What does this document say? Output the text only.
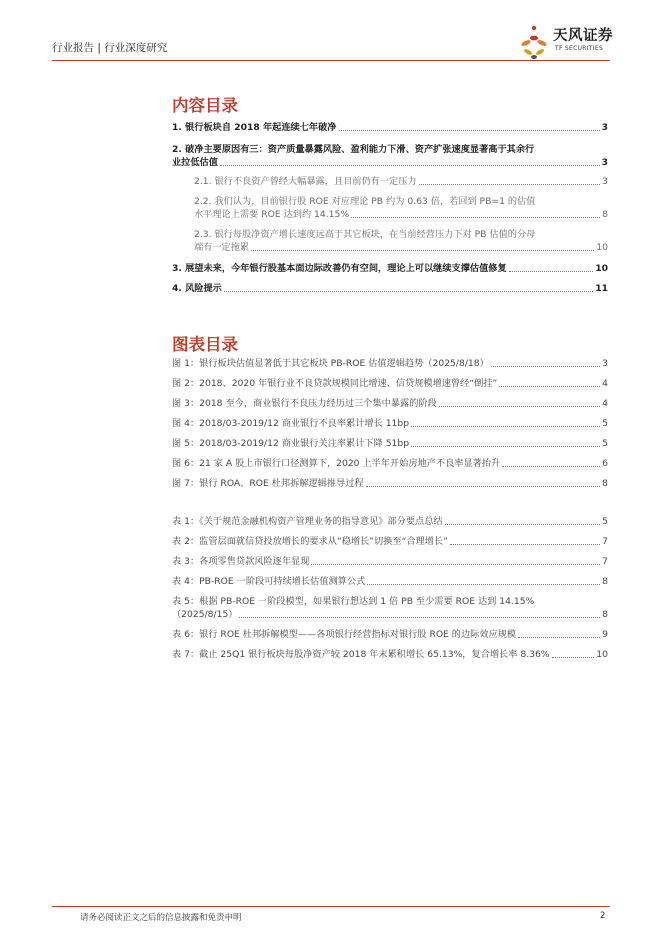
行业报告 | 行业深度研究
天风证券
TF SECURITIES
内容目录
1. 银行板块自 2018 年起连续七年破净	3
2. 破净主要原因有三：资产质量暴露风险、盈利能力下滑、资产扩张速度显著高于其余行
业拉低估值	3
2.1. 银行不良资产曾经大幅暴露，且目前仍有一定压力	3
2.2. 我们认为，目前银行股 ROE 对应理论 PB 约为 0.63 倍，若回到 PB=1 的估值
水平理论上需要 ROE 达到约 14.15%	8
2.3. 银行每股净资产增长速度远高于其它板块，在当前经营压力下对 PB 估值的分母
端有一定拖累	10
3. 展望未来，今年银行股基本面边际改善仍有空间，理论上可以继续支撑估值修复	10
4. 风险提示	11
图表目录
图 1：银行板块估值显著低于其它板块 PB-ROE 估值逻辑趋势（2025/8/18）	3
图 2：2018、2020 年银行业不良贷款规模同比增速、信贷规模增速曾经“倒挂”	4
图 3：2018 至今，商业银行不良压力经历过三个集中暴露的阶段	4
图 4：2018/03-2019/12 商业银行不良率累计增长 11bp	5
图 5：2018/03-2019/12 商业银行关注率累计下降 51bp	5
图 6：21 家 A 股上市银行口径测算下，2020 上半年开始房地产不良率显著抬升	6
图 7：银行 ROA、ROE 杜邦拆解逻辑推导过程	8
表 1：《关于规范金融机构资产管理业务的指导意见》部分要点总结	5
表 2：监管层面就信贷投放增长的要求从“稳增长”切换至“合理增长”	7
表 3：各项零售贷款风险逐年显现	7
表 4：PB-ROE 一阶段可持续增长估值测算公式	8
表 5：根据 PB-ROE 一阶段模型，如果银行想达到 1 倍 PB 至少需要 ROE 达到 14.15%
（2025/8/15）	8
表 6：银行 ROE 杜邦拆解模型——各项银行经营指标对银行股 ROE 的边际效应规模	9
表 7：截止 25Q1 银行板块每股净资产较 2018 年末累积增长 65.13%，复合增长率 8.36%	10
请务必阅读正文之后的信息披露和免责申明	2
